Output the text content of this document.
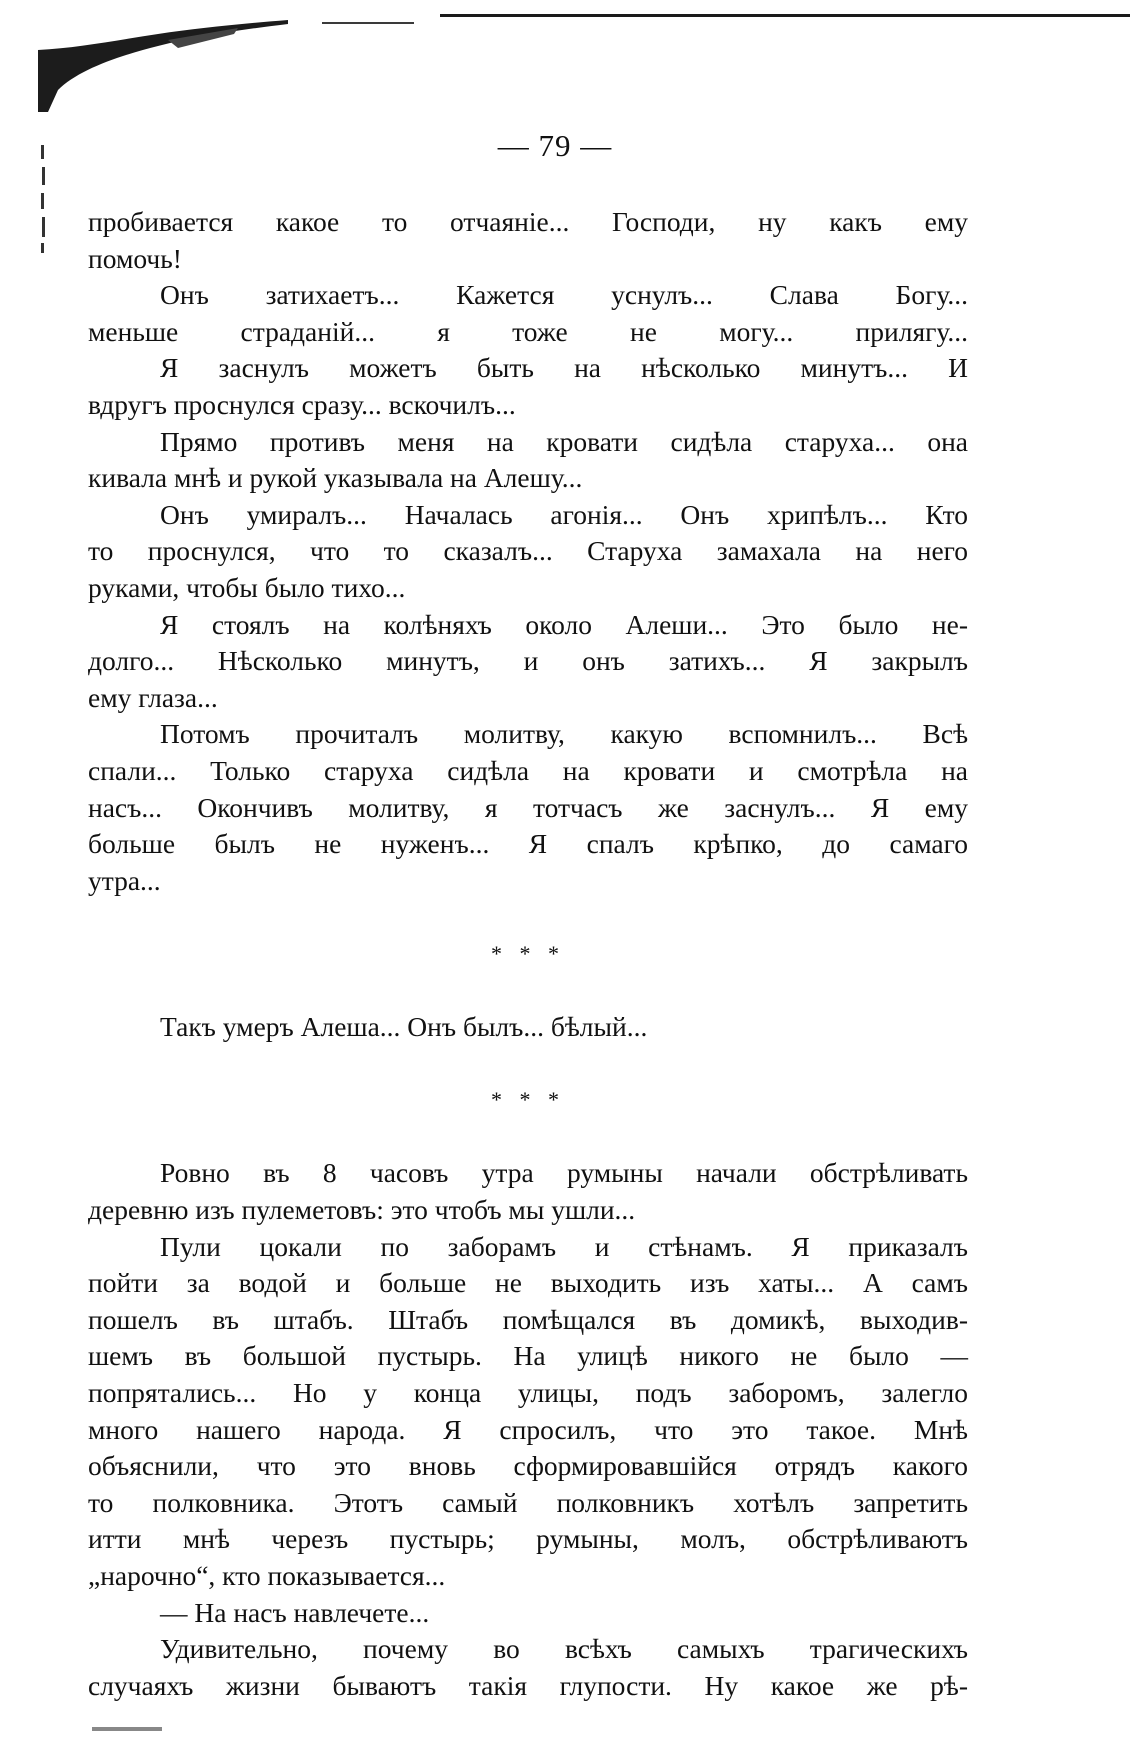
— 79 —
пробивается какое то отчаяніе... Господи, ну какъ ему
помочь!
Онъ затихаетъ... Кажется уснулъ... Слава Богу...
меньше страданій... я тоже не могу... прилягу...
Я заснулъ можетъ быть на нѣсколько минутъ... И
вдругъ проснулся сразу... вскочилъ...
Прямо противъ меня на кровати сидѣла старуха... она
кивала мнѣ и рукой указывала на Алешу...
Онъ умиралъ... Началась агонія... Онъ хрипѣлъ... Кто
то проснулся, что то сказалъ... Старуха замахала на него
руками, чтобы было тихо...
Я стоялъ на колѣняхъ около Алеши... Это было не-
долго... Нѣсколько минутъ, и онъ затихъ... Я закрылъ
ему глаза...
Потомъ прочиталъ молитву, какую вспомнилъ... Всѣ
спали... Только старуха сидѣла на кровати и смотрѣла на
насъ... Окончивъ молитву, я тотчасъ же заснулъ... Я ему
больше былъ не нуженъ... Я спалъ крѣпко, до самаго
утра...
* * *
Такъ умеръ Алеша... Онъ былъ... бѣлый...
* * *
Ровно въ 8 часовъ утра румыны начали обстрѣливать
деревню изъ пулеметовъ: это чтобъ мы ушли...
Пули цокали по заборамъ и стѣнамъ. Я приказалъ
пойти за водой и больше не выходить изъ хаты... А самъ
пошелъ въ штабъ. Штабъ помѣщался въ домикѣ, выходив-
шемъ въ большой пустырь. На улицѣ никого не было —
попрятались... Но у конца улицы, подъ заборомъ, залегло
много нашего народа. Я спросилъ, что это такое. Мнѣ
объяснили, что это вновь сформировавшійся отрядъ какого
то полковника. Этотъ самый полковникъ хотѣлъ запретить
итти мнѣ черезъ пустырь; румыны, молъ, обстрѣливаютъ
„нарочно“, кто показывается...
— На насъ навлечете...
Удивительно, почему во всѣхъ самыхъ трагическихъ
случаяхъ жизни бываютъ такія глупости. Ну какое же рѣ-
